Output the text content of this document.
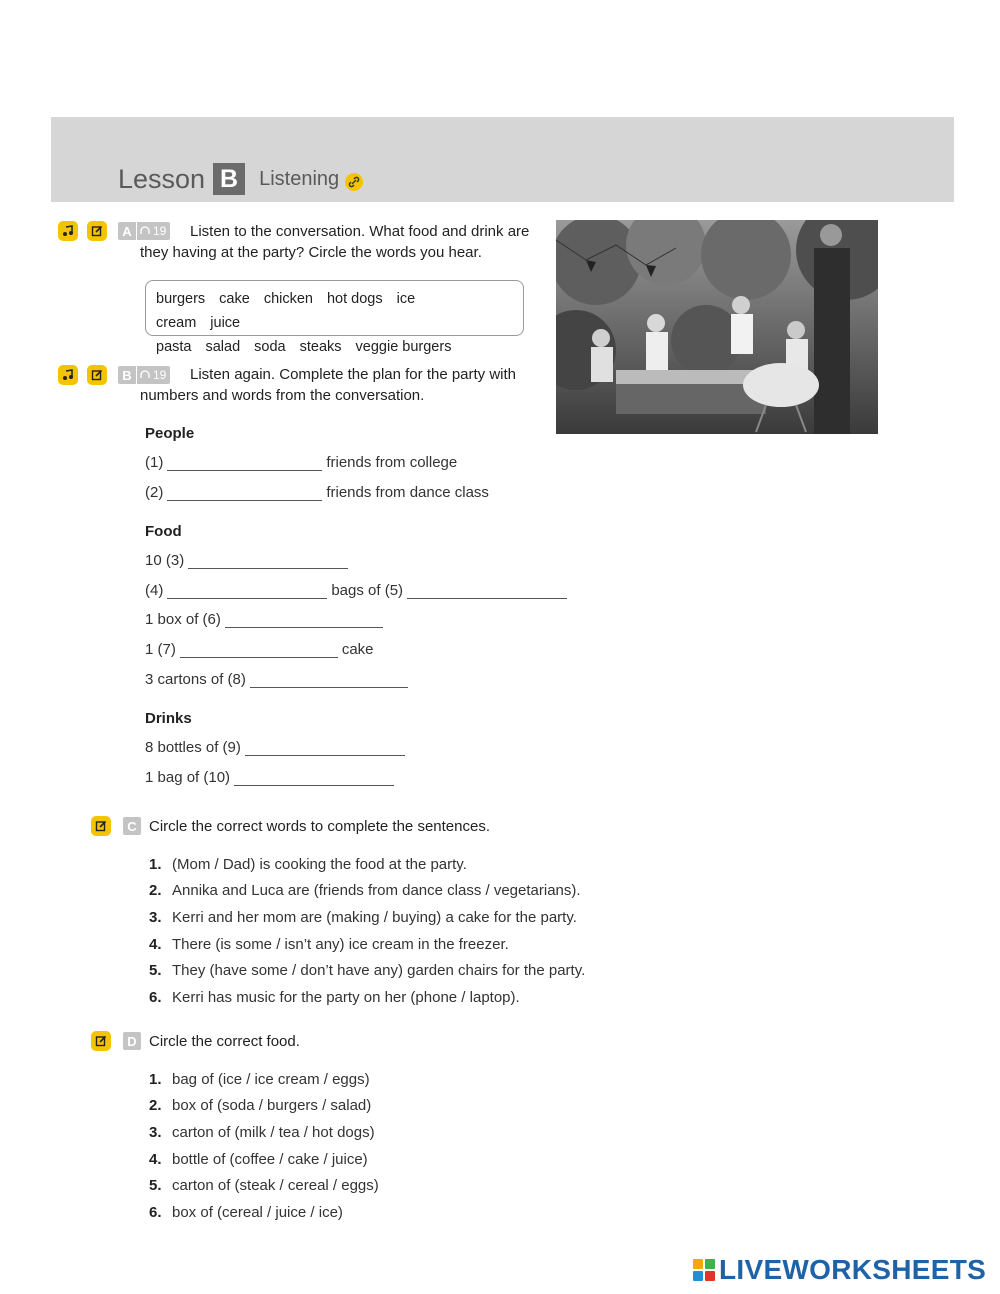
Lesson B	Listening
A	19 Listen to the conversation. What food and drink are
they having at the party? Circle the words you hear.
burgers cake chicken hot dogs ice cream juice
pasta salad soda steaks veggie burgers
B	19 Listen again. Complete the plan for the party with
numbers and words from the conversation.
People
(1)	friends from college
(2)	friends from dance class
Food
10 (3)
(4)	bags of (5)
1 box of (6)
1 (7)	cake
3 cartons of (8)
Drinks
8 bottles of (9)
1 bag of (10)
C Circle the correct words to complete the sentences.
1. (Mom / Dad) is cooking the food at the party.
2. Annika and Luca are (friends from dance class / vegetarians).
3. Kerri and her mom are (making / buying) a cake for the party.
4. There (is some / isn’t any) ice cream in the freezer.
5. They (have some / don’t have any) garden chairs for the party.
6. Kerri has music for the party on her (phone / laptop).
D Circle the correct food.
1. bag of (ice / ice cream / eggs)
2. box of (soda / burgers / salad)
3. carton of (milk / tea / hot dogs)
4. bottle of (coffee / cake / juice)
5. carton of (steak / cereal / eggs)
6. box of (cereal / juice / ice)
LIVEWORKSHEETS
